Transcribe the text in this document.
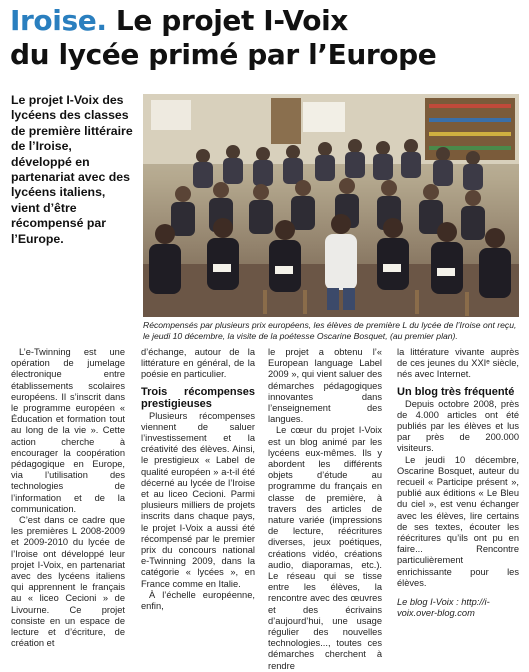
Iroise. Le projet I-Voix
du lycée primé par l’Europe
Le projet I-Voix des lycéens des classes de première littéraire de l’Iroise, développé en partenariat avec des lycéens italiens, vient d’être récompensé par l’Europe.
Récompensés par plusieurs prix européens, les élèves de première L du lycée de l’Iroise ont reçu, le jeudi 10 décembre, la visite de la poétesse Oscarine Bosquet, (au premier plan).

L’e-Twinning est une opération de jumelage électronique entre établissements scolaires européens. Il s’inscrit dans le programme européen « Éducation et formation tout au long de la vie ». Cette action cherche à encourager la coopération pédagogique en Europe, via l’utilisation des technologies de l’information et de la communication.

C’est dans ce cadre que les premières L 2008-2009 et 2009-2010 du lycée de l’Iroise ont développé leur projet I-Voix, en partenariat avec des lycéens italiens qui apprennent le français au « liceo Cecioni » de Livourne. Ce projet consiste en un espace de lecture et d’écriture, de création et

d’échange, autour de la littérature en général, de la poésie en particulier.

Trois récompenses prestigieuses

Plusieurs récompenses viennent de saluer l’investissement et la créativité des élèves. Ainsi, le prestigieux « Label de qualité européen » a-t-il été décerné au lycée de l’Iroise et au liceo Cecioni. Parmi plusieurs milliers de projets inscrits dans chaque pays, le projet I-Voix a aussi été récompensé par le premier prix du concours national e-Twinning 2009, dans la catégorie « lycées », en France comme en Italie.

À l’échelle européenne, enfin,

le projet a obtenu l’« European language Label 2009 », qui vient saluer des démarches pédagogiques innovantes dans l’enseignement des langues.

Le cœur du projet I-Voix est un blog animé par les lycéens eux-mêmes. Ils y abordent les différents objets d’étude au programme du français en classe de première, à travers des articles de nature variée (impressions de lecture, réécritures diverses, jeux poétiques, créations vidéo, créations audio, diaporamas, etc.). Le réseau qui se tisse entre les élèves, la rencontre avec des œuvres et des écrivains d’aujourd’hui, une usage régulier des nouvelles technologies..., toutes ces démarches cherchent à rendre

la littérature vivante auprès de ces jeunes du XXIᵉ siècle, nés avec Internet.

Un blog très fréquenté

Depuis octobre 2008, près de 4.000 articles ont été publiés par les élèves et lus par près de 200.000 visiteurs.

Le jeudi 10 décembre, Oscarine Bosquet, auteur du recueil « Participe présent », publié aux éditions « Le Bleu du ciel », est venu échanger avec les élèves, lire certains de ses textes, écouter les réécritures qu’ils ont pu en faire... Rencontre particulièrement enrichissante pour les élèves.

Le blog I-Voix : http://i-voix.over-blog.com
